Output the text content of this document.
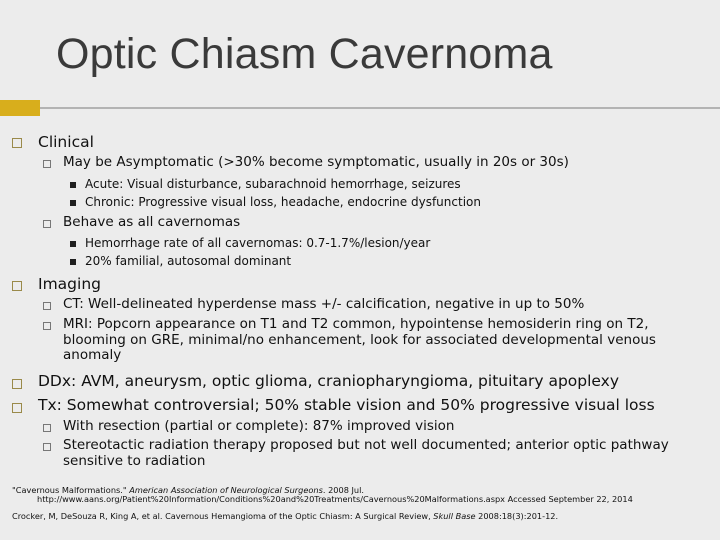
Optic Chiasm Cavernoma
Clinical
May be Asymptomatic (>30% become symptomatic, usually in 20s or 30s)
Acute: Visual disturbance, subarachnoid hemorrhage, seizures
Chronic: Progressive visual loss, headache, endocrine dysfunction
Behave as all cavernomas
Hemorrhage rate of all cavernomas: 0.7-1.7%/lesion/year
20% familial, autosomal dominant
Imaging
CT: Well-delineated hyperdense mass +/- calcification, negative in up to 50%
MRI: Popcorn appearance on T1 and T2 common, hypointense hemosiderin ring on T2,
blooming on GRE, minimal/no enhancement, look for associated developmental venous
anomaly
DDx: AVM, aneurysm, optic glioma, craniopharyngioma, pituitary apoplexy
Tx: Somewhat controversial; 50% stable vision and 50% progressive visual loss
With resection (partial or complete): 87% improved vision
Stereotactic radiation therapy proposed but not well documented; anterior optic pathway
sensitive to radiation
"Cavernous Malformations." American Association of Neurological Surgeons. 2008 Jul.
http://www.aans.org/Patient%20Information/Conditions%20and%20Treatments/Cavernous%20Malformations.aspx Accessed September 22, 2014
Crocker, M, DeSouza R, King A, et al. Cavernous Hemangioma of the Optic Chiasm: A Surgical Review, Skull Base 2008:18(3):201-12.
